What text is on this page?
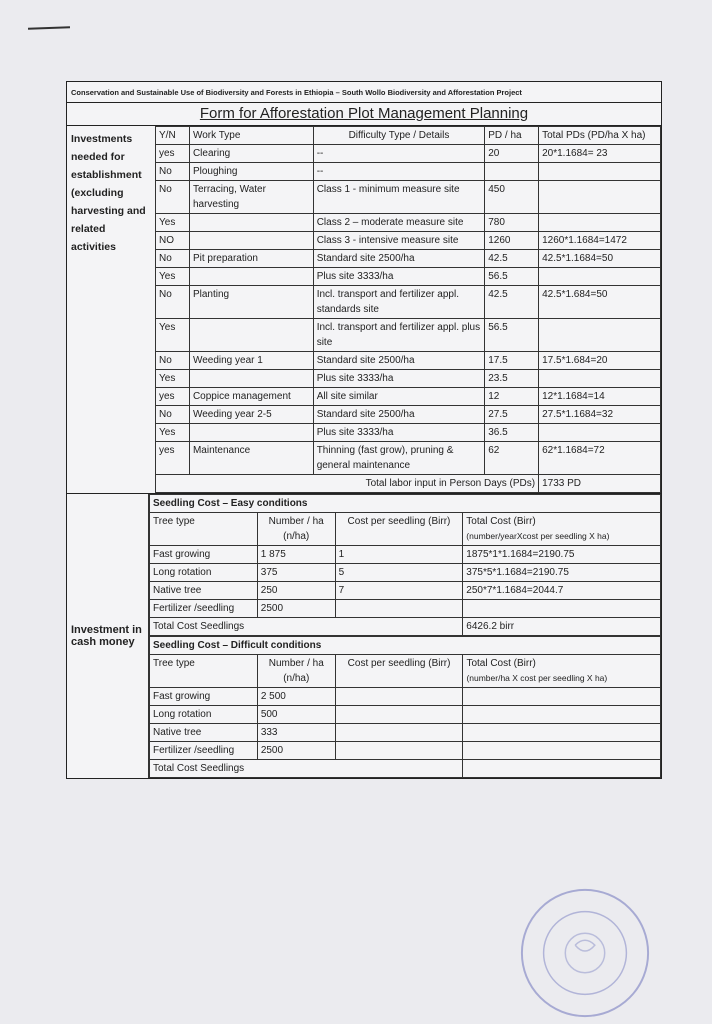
Conservation and Sustainable Use of Biodiversity and Forests in Ethiopia – South Wollo Biodiversity and Afforestation Project
Form for Afforestation Plot Management Planning
Investments needed for establishment (excluding harvesting and related activities
Y/N	Work Type	Difficulty Type / Details	PD / ha	Total PDs (PD/ha X ha)
yes	Clearing	--	20	20*1.1684= 23
No	Ploughing	--		
No	Terracing, Water harvesting	Class 1 - minimum measure site	450	
Yes		Class 2 – moderate measure site	780	
NO		Class 3 - intensive measure site	1260	1260*1.1684=1472
No	Pit preparation	Standard site 2500/ha	42.5	42.5*1.1684=50
Yes		Plus site 3333/ha	56.5	
No	Planting	Incl. transport and fertilizer appl. standards site	42.5	42.5*1.684=50
Yes		Incl. transport and fertilizer appl. plus site	56.5	
No	Weeding year 1	Standard site 2500/ha	17.5	17.5*1.684=20
Yes		Plus site 3333/ha	23.5	
yes	Coppice management	All site similar	12	12*1.1684=14
No	Weeding year 2-5	Standard site 2500/ha	27.5	27.5*1.1684=32
Yes		Plus site 3333/ha	36.5	
yes	Maintenance	Thinning (fast grow), pruning & general maintenance	62	62*1.1684=72
Total labor input in Person Days (PDs)				1733 PD
Investment in cash money
Seedling Cost – Easy conditions			
Tree type	Number / ha (n/ha)	Cost per seedling (Birr)	Total Cost (Birr)
(number/yearXcost per seedling X ha)
Fast growing	1 875	1	1875*1*1.1684=2190.75
Long rotation	375	5	375*5*1.1684=2190.75
Native tree	250	7	250*7*1.1684=2044.7
Fertilizer /seedling	2500		
Total Cost Seedlings			6426.2 birr
Seedling Cost – Difficult conditions			
Tree type	Number / ha (n/ha)	Cost per seedling (Birr)	Total Cost (Birr)
(number/ha X cost per seedling X ha)
Fast growing	2 500		
Long rotation	500		
Native tree	333		
Fertilizer /seedling	2500		
Total Cost Seedlings			
